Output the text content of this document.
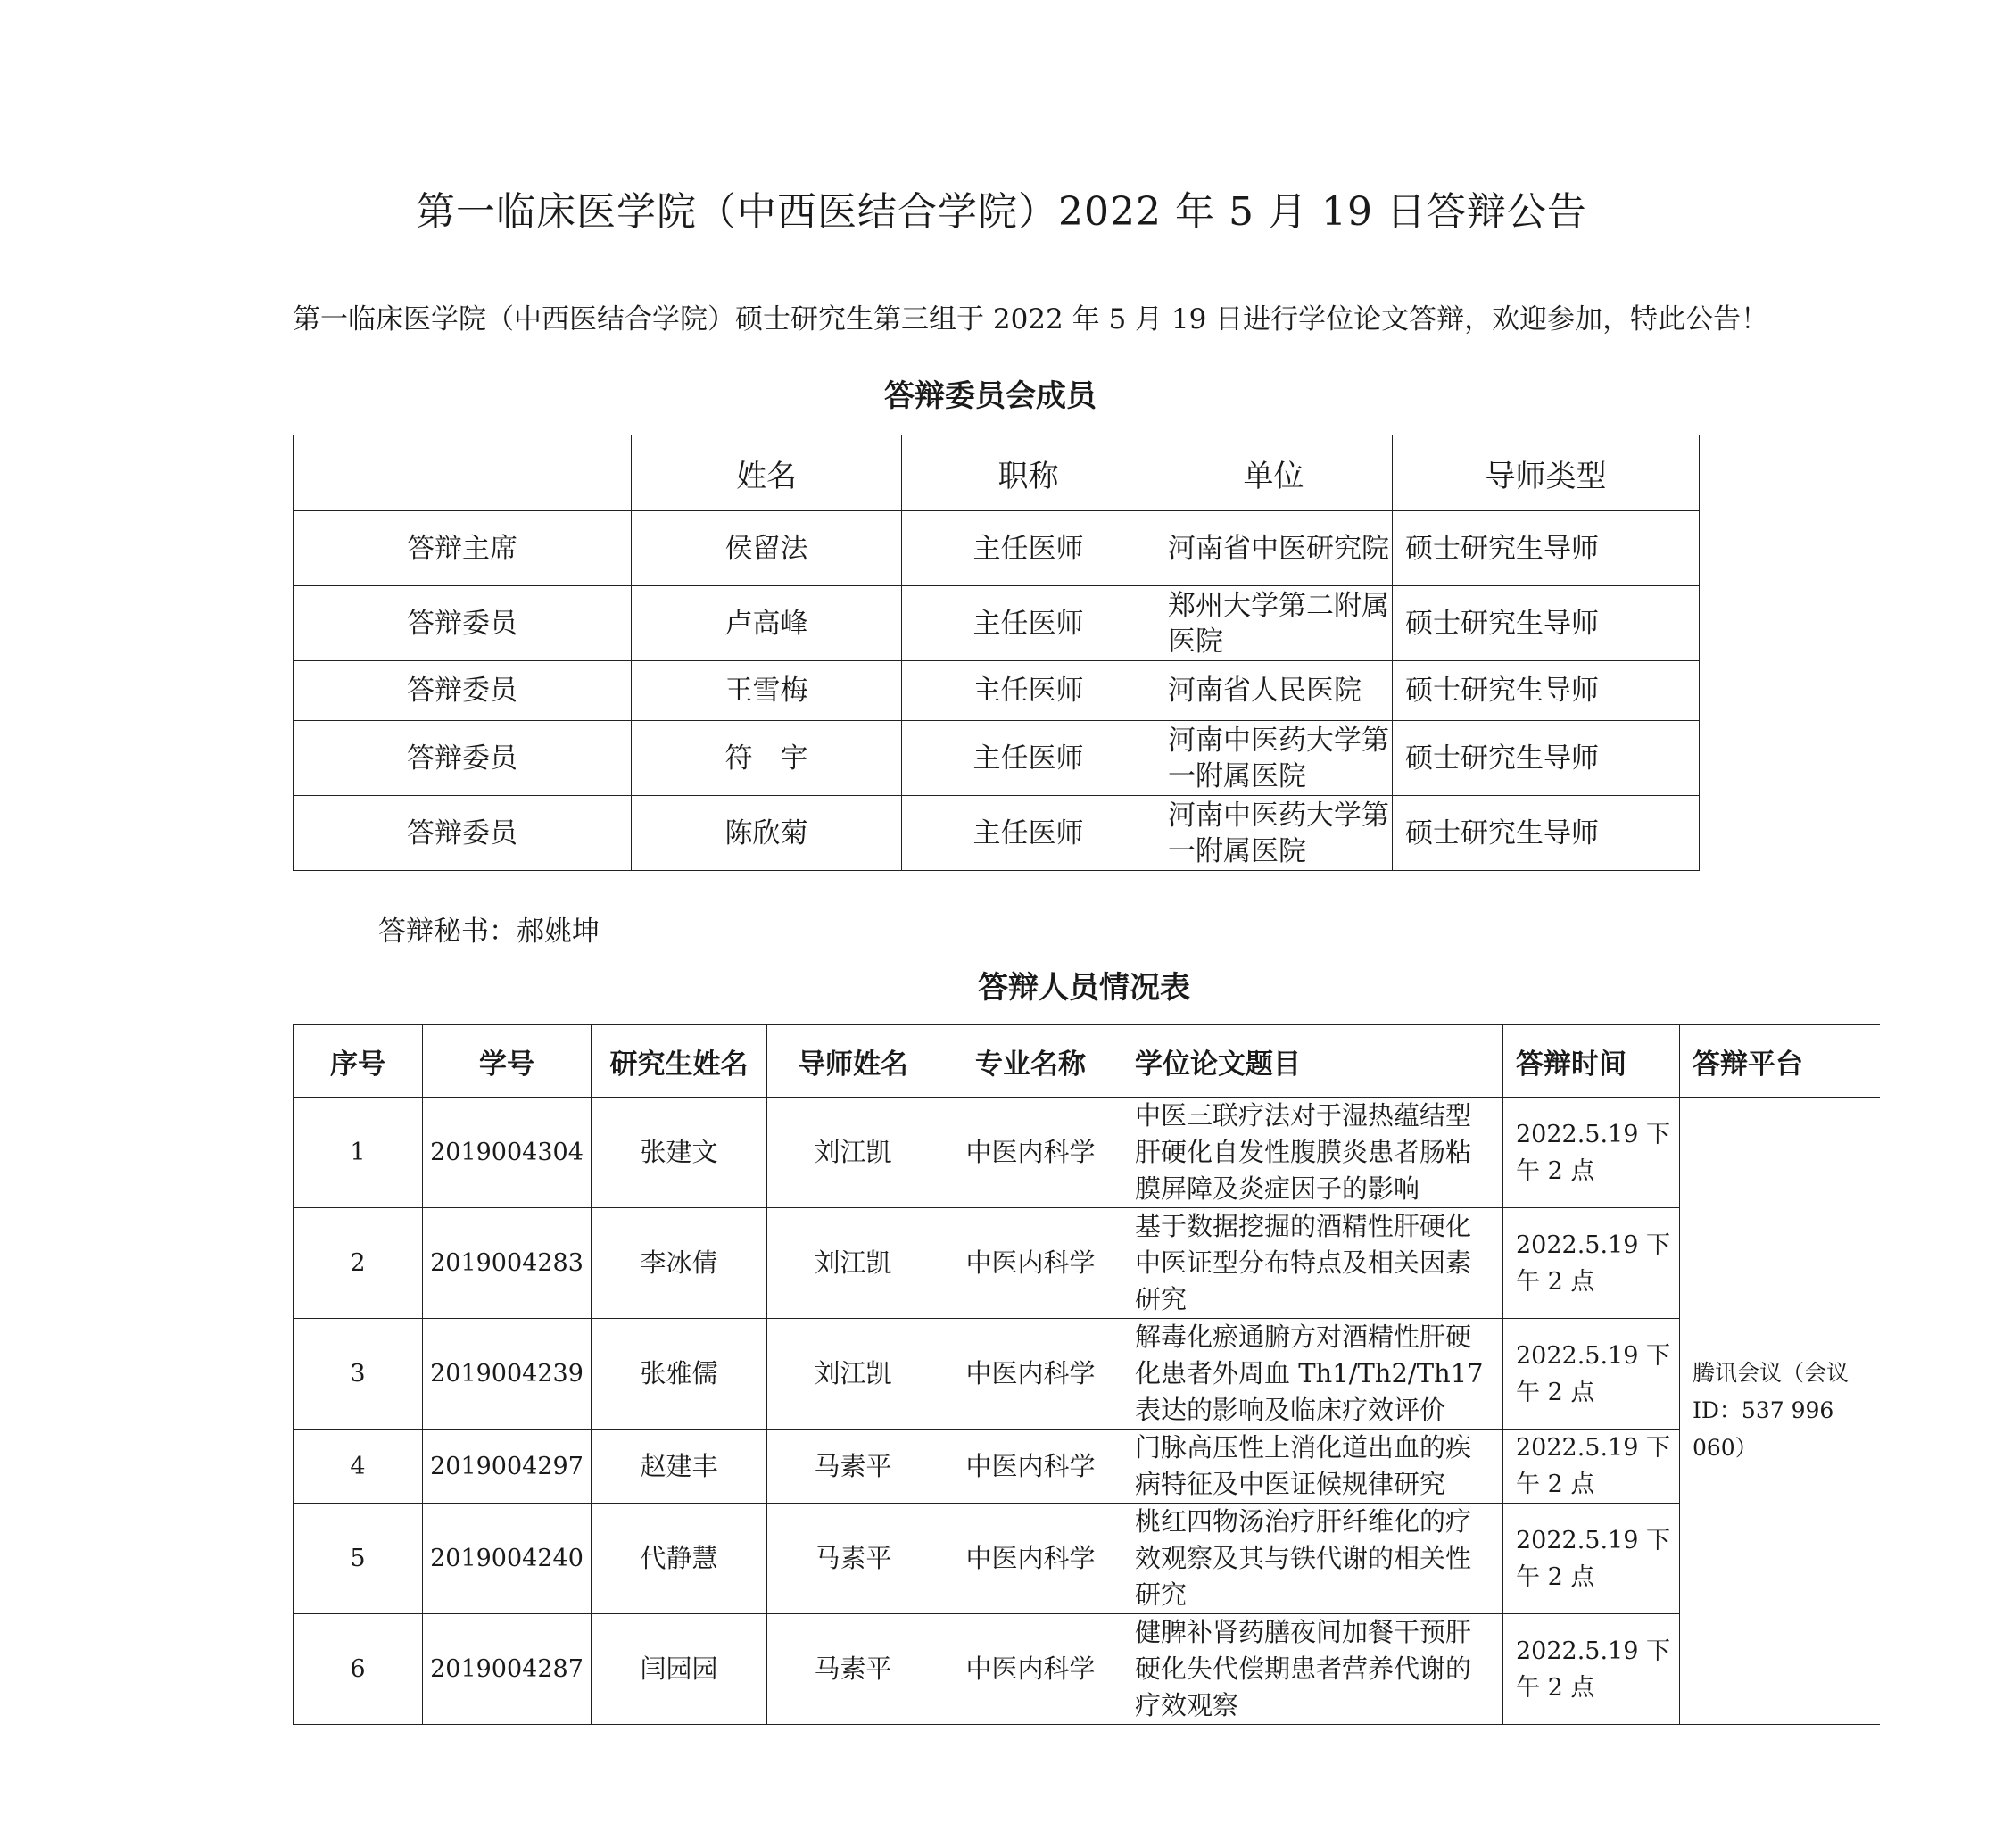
第一临床医学院（中西医结合学院）2022 年 5 月 19 日答辩公告
第一临床医学院（中西医结合学院）硕士研究生第三组于 2022 年 5 月 19 日进行学位论文答辩，欢迎参加，特此公告！
答辩委员会成员
	姓名	职称	单位	导师类型
答辩主席	侯留法	主任医师	河南省中医研究院	硕士研究生导师
答辩委员	卢高峰	主任医师	郑州大学第二附属医院	硕士研究生导师
答辩委员	王雪梅	主任医师	河南省人民医院	硕士研究生导师
答辩委员	符　宇	主任医师	河南中医药大学第一附属医院	硕士研究生导师
答辩委员	陈欣菊	主任医师	河南中医药大学第一附属医院	硕士研究生导师
答辩秘书：郝姚坤
答辩人员情况表
序号	学号	研究生姓名	导师姓名	专业名称	学位论文题目	答辩时间	答辩平台
1	2019004304	张建文	刘江凯	中医内科学	中医三联疗法对于湿热蕴结型肝硬化自发性腹膜炎患者肠粘膜屏障及炎症因子的影响	2022.5.19 下午 2 点	腾讯会议（会议 ID：537 996 060）
2	2019004283	李冰倩	刘江凯	中医内科学	基于数据挖掘的酒精性肝硬化中医证型分布特点及相关因素研究	2022.5.19 下午 2 点	
3	2019004239	张雅儒	刘江凯	中医内科学	解毒化瘀通腑方对酒精性肝硬化患者外周血 Th1/Th2/Th17 表达的影响及临床疗效评价	2022.5.19 下午 2 点	
4	2019004297	赵建丰	马素平	中医内科学	门脉高压性上消化道出血的疾病特征及中医证候规律研究	2022.5.19 下午 2 点	
5	2019004240	代静慧	马素平	中医内科学	桃红四物汤治疗肝纤维化的疗效观察及其与铁代谢的相关性研究	2022.5.19 下午 2 点	
6	2019004287	闫园园	马素平	中医内科学	健脾补肾药膳夜间加餐干预肝硬化失代偿期患者营养代谢的疗效观察	2022.5.19 下午 2 点	
